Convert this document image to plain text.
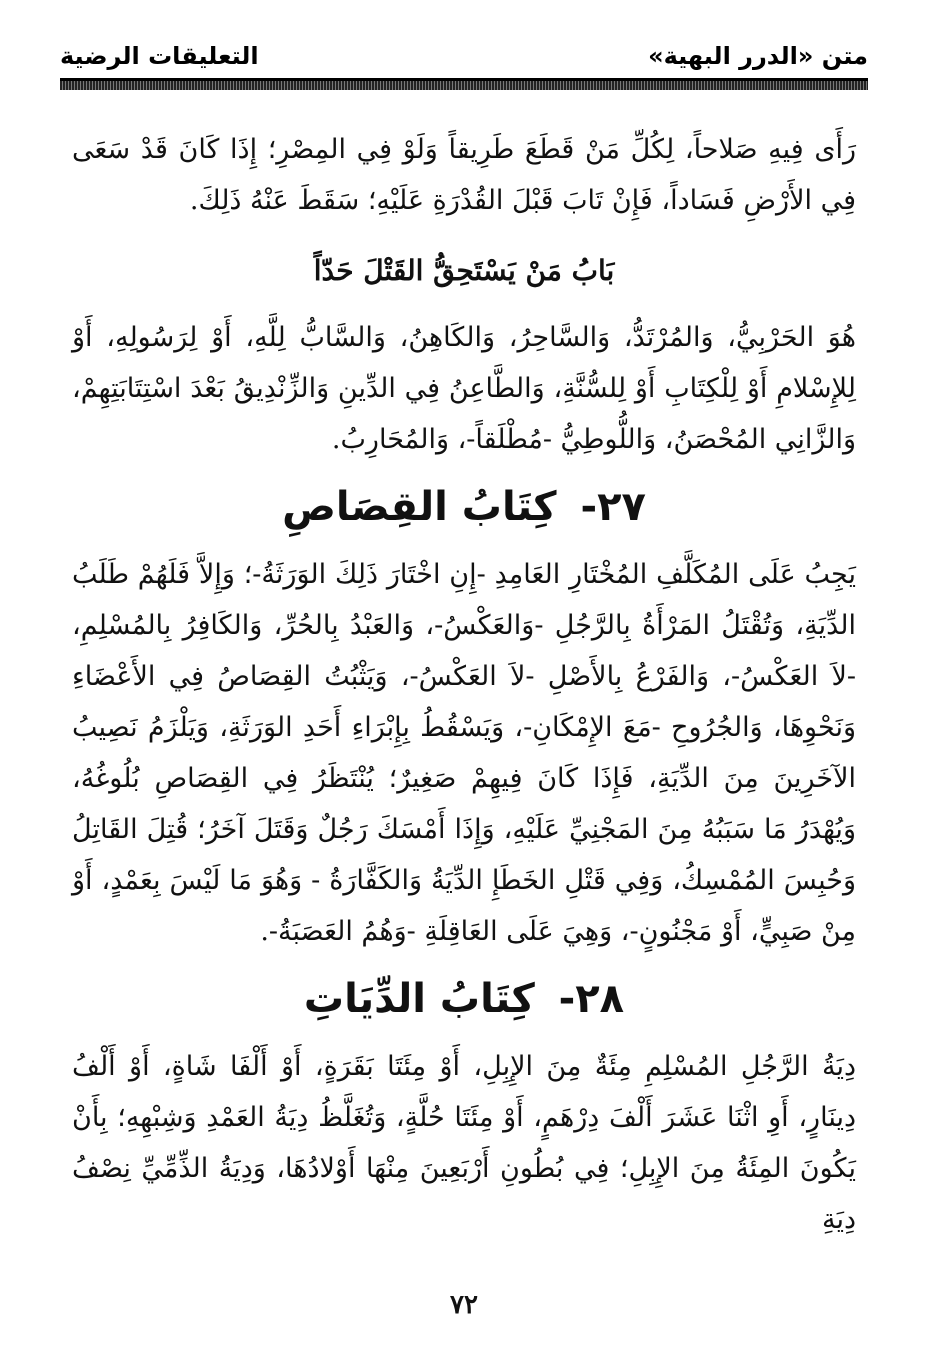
متن «الدرر البهية»
التعليقات الرضية

رَأَى فِيهِ صَلاحاً، لِكُلِّ مَنْ قَطَعَ طَرِيقاً وَلَوْ فِي المِصْرِ؛ إِذَا كَانَ قَدْ سَعَى فِي الأَرْضِ فَسَاداً، فَإِنْ تَابَ قَبْلَ القُدْرَةِ عَلَيْهِ؛ سَقَطَ عَنْهُ ذَلِكَ.

بَابُ مَنْ يَسْتَحِقُّ القَتْلَ حَدّاً

هُوَ الحَرْبِيُّ، وَالمُرْتَدُّ، وَالسَّاحِرُ، وَالكَاهِنُ، وَالسَّابُّ لِلَّهِ، أَوْ لِرَسُولِهِ، أَوْ لِلإِسْلامِ أَوْ لِلْكِتَابِ أَوْ لِلسُّنَّةِ، وَالطَّاعِنُ فِي الدِّينِ وَالزِّنْدِيقُ بَعْدَ اسْتِتَابَتِهِمْ، وَالزَّانِي المُحْصَنُ، وَاللُّوطِيُّ -مُطْلَقاً-، وَالمُحَارِبُ.

٢٧- كِتَابُ القِصَاصِ

يَجِبُ عَلَى المُكَلَّفِ المُخْتَارِ العَامِدِ -إِنِ اخْتَارَ ذَلِكَ الوَرَثَةُ-؛ وَإِلاَّ فَلَهُمْ طَلَبُ الدِّيَةِ، وَتُقْتَلُ المَرْأَةُ بِالرَّجُلِ -وَالعَكْسُ-، وَالعَبْدُ بِالحُرِّ، وَالكَافِرُ بِالمُسْلِمِ، -لاَ العَكْسُ-، وَالفَرْعُ بِالأَصْلِ -لاَ العَكْسُ-، وَيَثْبُتُ القِصَاصُ فِي الأَعْضَاءِ وَنَحْوِهَا، وَالجُرُوحِ -مَعَ الإِمْكَانِ-، وَيَسْقُطُ بِإِبْرَاءِ أَحَدِ الوَرَثَةِ، وَيَلْزَمُ نَصِيبُ الآخَرِينَ مِنَ الدِّيَةِ، فَإِذَا كَانَ فِيهِمْ صَغِيرٌ؛ يُنْتَظَرُ فِي القِصَاصِ بُلُوغُهُ، وَيُهْدَرُ مَا سَبَبُهُ مِنَ المَجْنِيِّ عَلَيْهِ، وَإِذَا أَمْسَكَ رَجُلٌ وَقَتَلَ آخَرُ؛ قُتِلَ القَاتِلُ وَحُبِسَ المُمْسِكُ، وَفِي قَتْلِ الخَطَإِ الدِّيَةُ وَالكَفَّارَةُ - وَهُوَ مَا لَيْسَ بِعَمْدٍ، أَوْ مِنْ صَبِيٍّ، أَوْ مَجْنُونٍ-، وَهِيَ عَلَى العَاقِلَةِ -وَهُمُ العَصَبَةُ-.

٢٨- كِتَابُ الدِّيَاتِ

دِيَةُ الرَّجُلِ المُسْلِمِ مِئَةٌ مِنَ الإِبِلِ، أَوْ مِئَتَا بَقَرَةٍ، أَوْ أَلْفَا شَاةٍ، أَوْ أَلْفُ دِينَارٍ، أَوِ اثْنَا عَشَرَ أَلْفَ دِرْهَمٍ، أَوْ مِئَتَا حُلَّةٍ، وَتُغَلَّظُ دِيَةُ العَمْدِ وَشِبْهِهِ؛ بِأَنْ يَكُونَ المِئَةُ مِنَ الإِبِلِ؛ فِي بُطُونِ أَرْبَعِينَ مِنْهَا أَوْلادُهَا، وَدِيَةُ الذِّمِّيِّ نِصْفُ دِيَةِ

٧٢
